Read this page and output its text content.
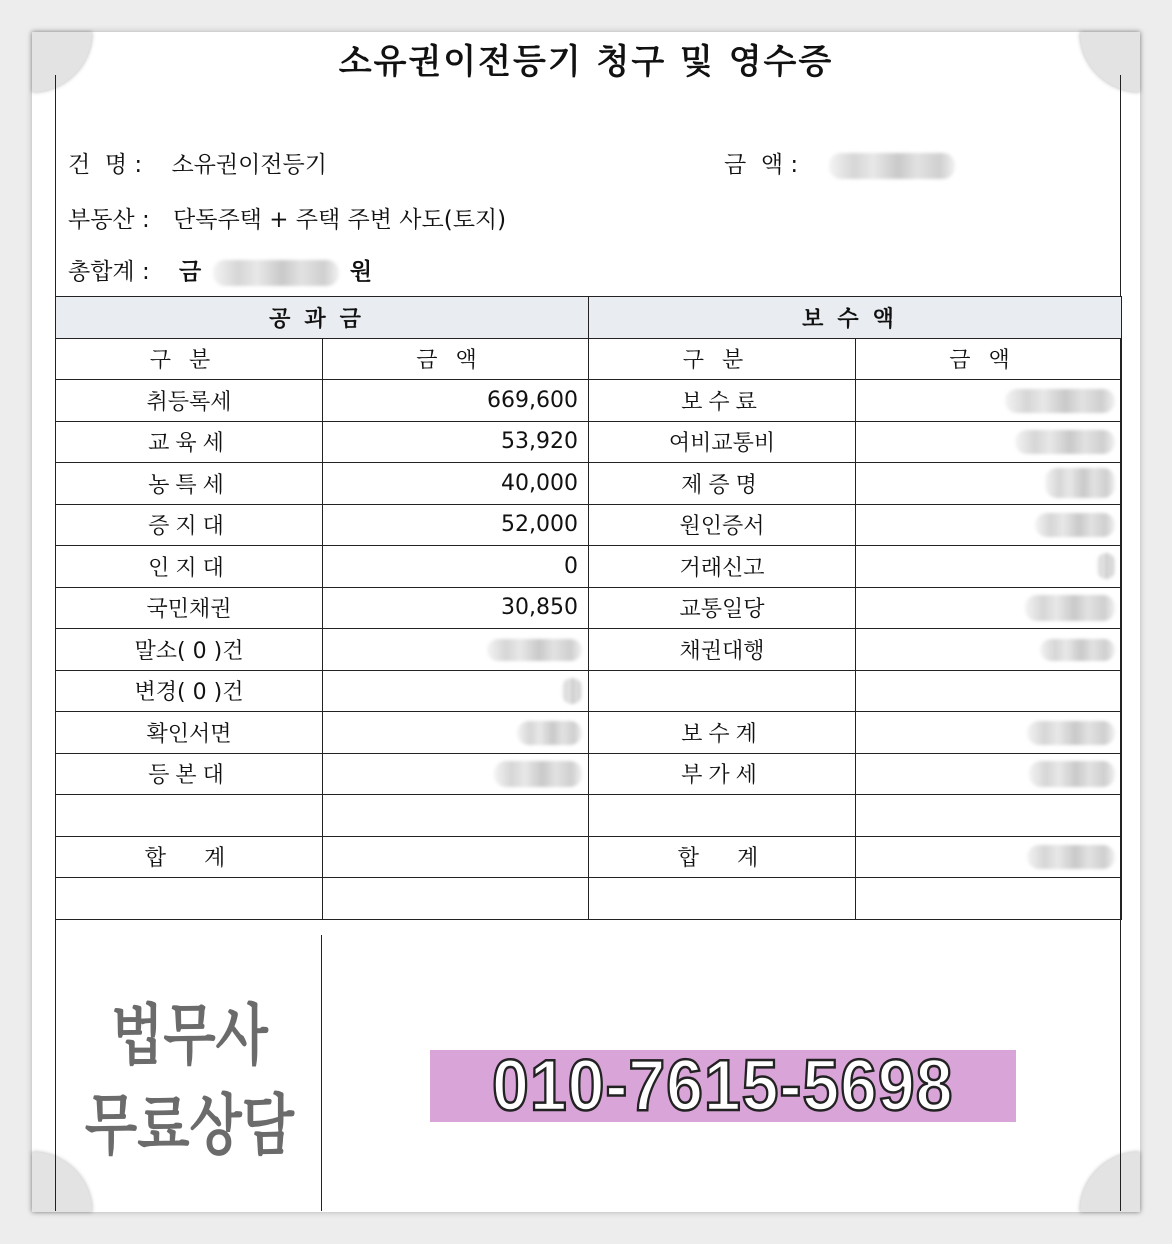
소유권이전등기 청구 및 영수증
건  명 : 소유권이전등기	금  액 :
부동산 : 단독주택 + 주택 주변 사도(토지)
총합계 : 금	원
공과금		보수액	
구분	금액	구분	금액
취등록세	669,600	보수료	
교육세	53,920	여비교통비	
농특세	40,000	제증명	
증지대	52,000	원인증서	
인지대	0	거래신고	
국민채권	30,850	교통일당	
말소( 0 )건		채권대행	
변경( 0 )건			
확인서면		보수계	
등본대		부가세	

합  계		합  계	

법무사
무료상담	010-7615-5698
